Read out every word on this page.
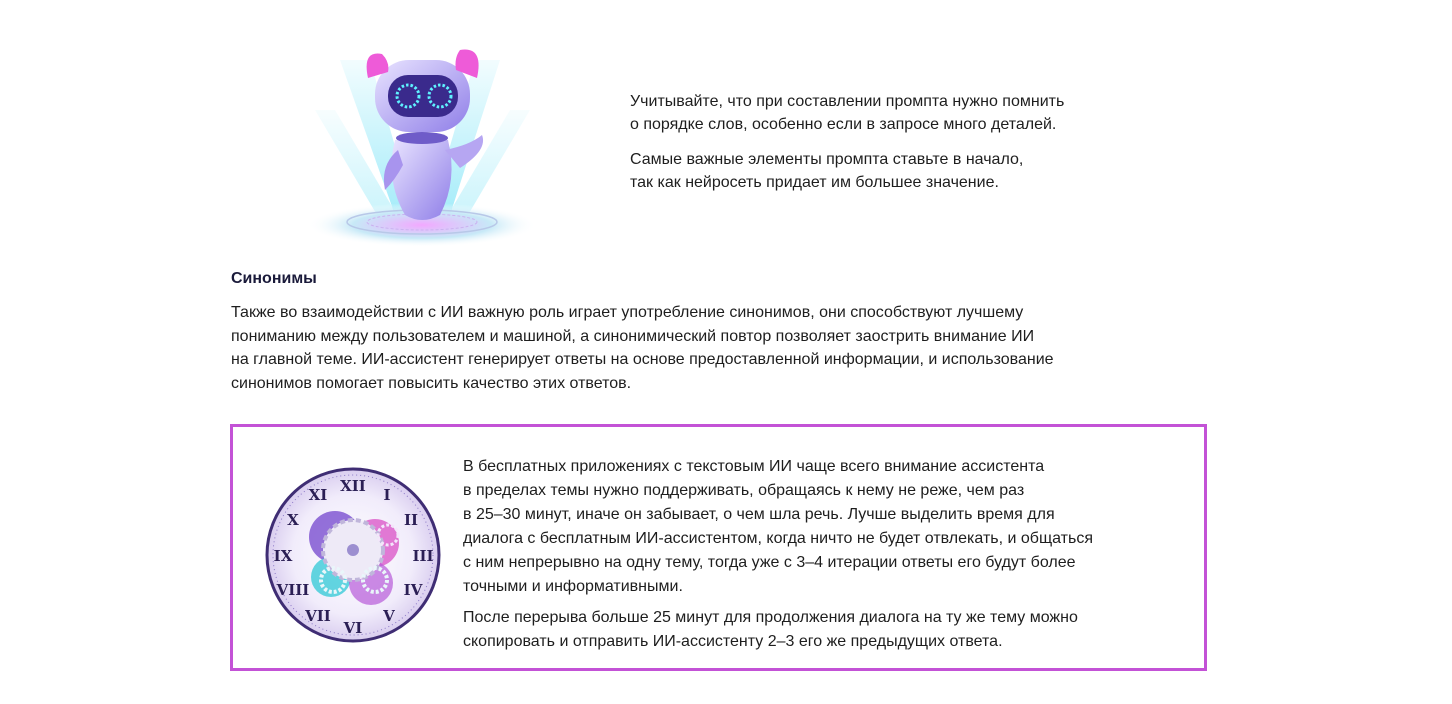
Учитывайте, что при составлении промпта нужно помнить
о порядке слов, особенно если в запросе много деталей.

Самые важные элементы промпта ставьте в начало,
так как нейросеть придает им большее значение.

Синонимы

Также во взаимодействии с ИИ важную роль играет употребление синонимов, они способствуют лучшему
пониманию между пользователем и машиной, а синонимический повтор позволяет заострить внимание ИИ
на главной теме. ИИ-ассистент генерирует ответы на основе предоставленной информации, и использование
синонимов помогает повысить качество этих ответов.

XII I
II
III
IV
V
VI
VII
VIII
IX
X
XI

В бесплатных приложениях с текстовым ИИ чаще всего внимание ассистента
в пределах темы нужно поддерживать, обращаясь к нему не реже, чем раз
в 25–30 минут, иначе он забывает, о чем шла речь. Лучше выделить время для
диалога с бесплатным ИИ-ассистентом, когда ничто не будет отвлекать, и общаться
с ним непрерывно на одну тему, тогда уже с 3–4 итерации ответы его будут более
точными и информативными.

После перерыва больше 25 минут для продолжения диалога на ту же тему можно
скопировать и отправить ИИ-ассистенту 2–3 его же предыдущих ответа.
